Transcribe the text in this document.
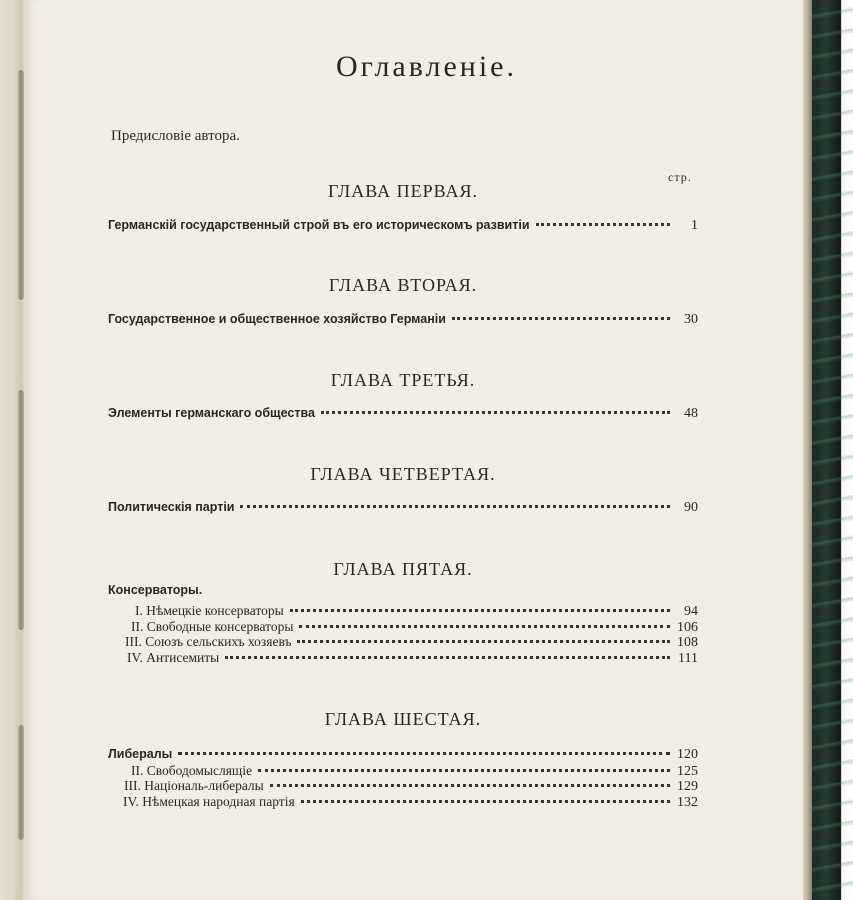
Оглавленіе.
Предисловіе автора.
стр.
ГЛАВА ПЕРВАЯ.
Германскій государственный строй въ его историческомъ развитіи	1
ГЛАВА ВТОРАЯ.
Государственное и общественное хозяйство Германіи	30
ГЛАВА ТРЕТЬЯ.
Элементы германскаго общества	48
ГЛАВА ЧЕТВЕРТАЯ.
Политическія партіи	90
ГЛАВА ПЯТАЯ.
Консерваторы.
I. Нѣмецкіе консерваторы	94
II. Свободные консерваторы	106
III. Союзъ сельскихъ хозяевъ	108
IV. Антисемиты	111
ГЛАВА ШЕСТАЯ.
Либералы	120
II. Свободомыслящіе	125
III. Національ-либералы	129
IV. Нѣмецкая народная партія	132
